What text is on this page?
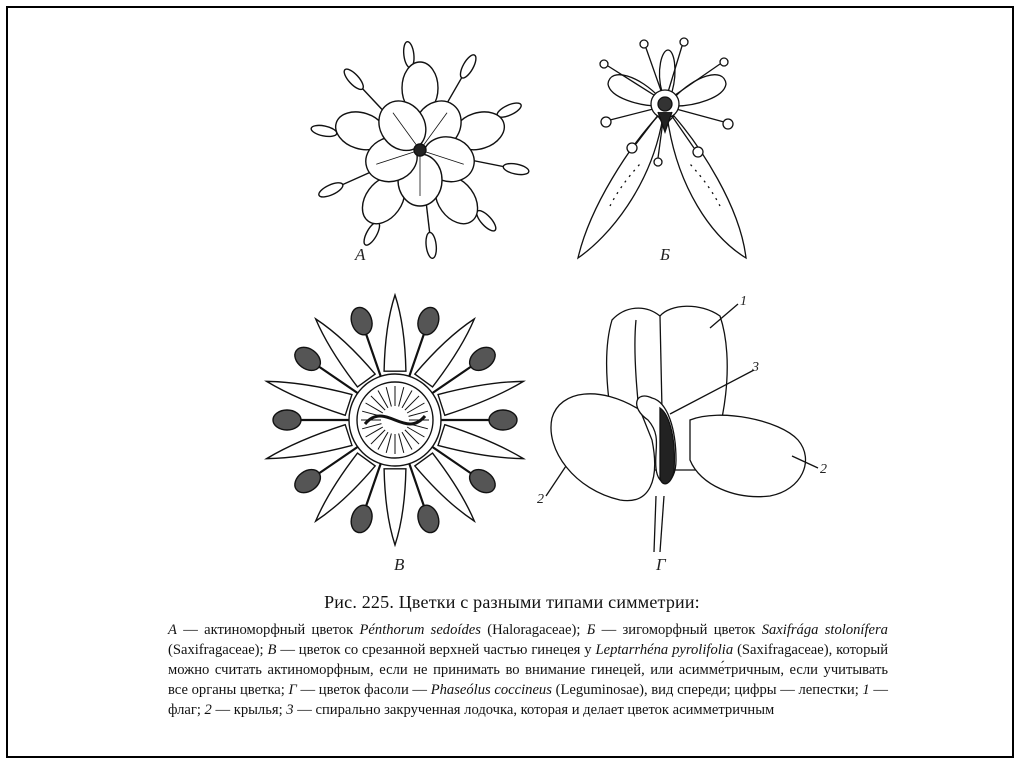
А	Б
В
1
3
2
2
Г
Рис. 225. Цветки с разными типами симметрии:
А — актиноморфный цветок Pénthorum sedoídes (Haloragaceae); Б — зигоморфный цветок Saxifrága stolonífera (Saxifragaceae); В — цветок со срезанной верхней частью гинецея у Leptarrhéna pyrolifolia (Saxifragaceae), который можно считать актиноморфным, если не принимать во внимание гинецей, или асимме́тричным, если учитывать все органы цветка; Г — цветок фасоли — Phaseólus coccineus (Leguminosae), вид спереди; цифры — лепестки; 1 — флаг; 2 — крылья; 3 — спирально закрученная лодочка, которая и делает цветок асимметричным
